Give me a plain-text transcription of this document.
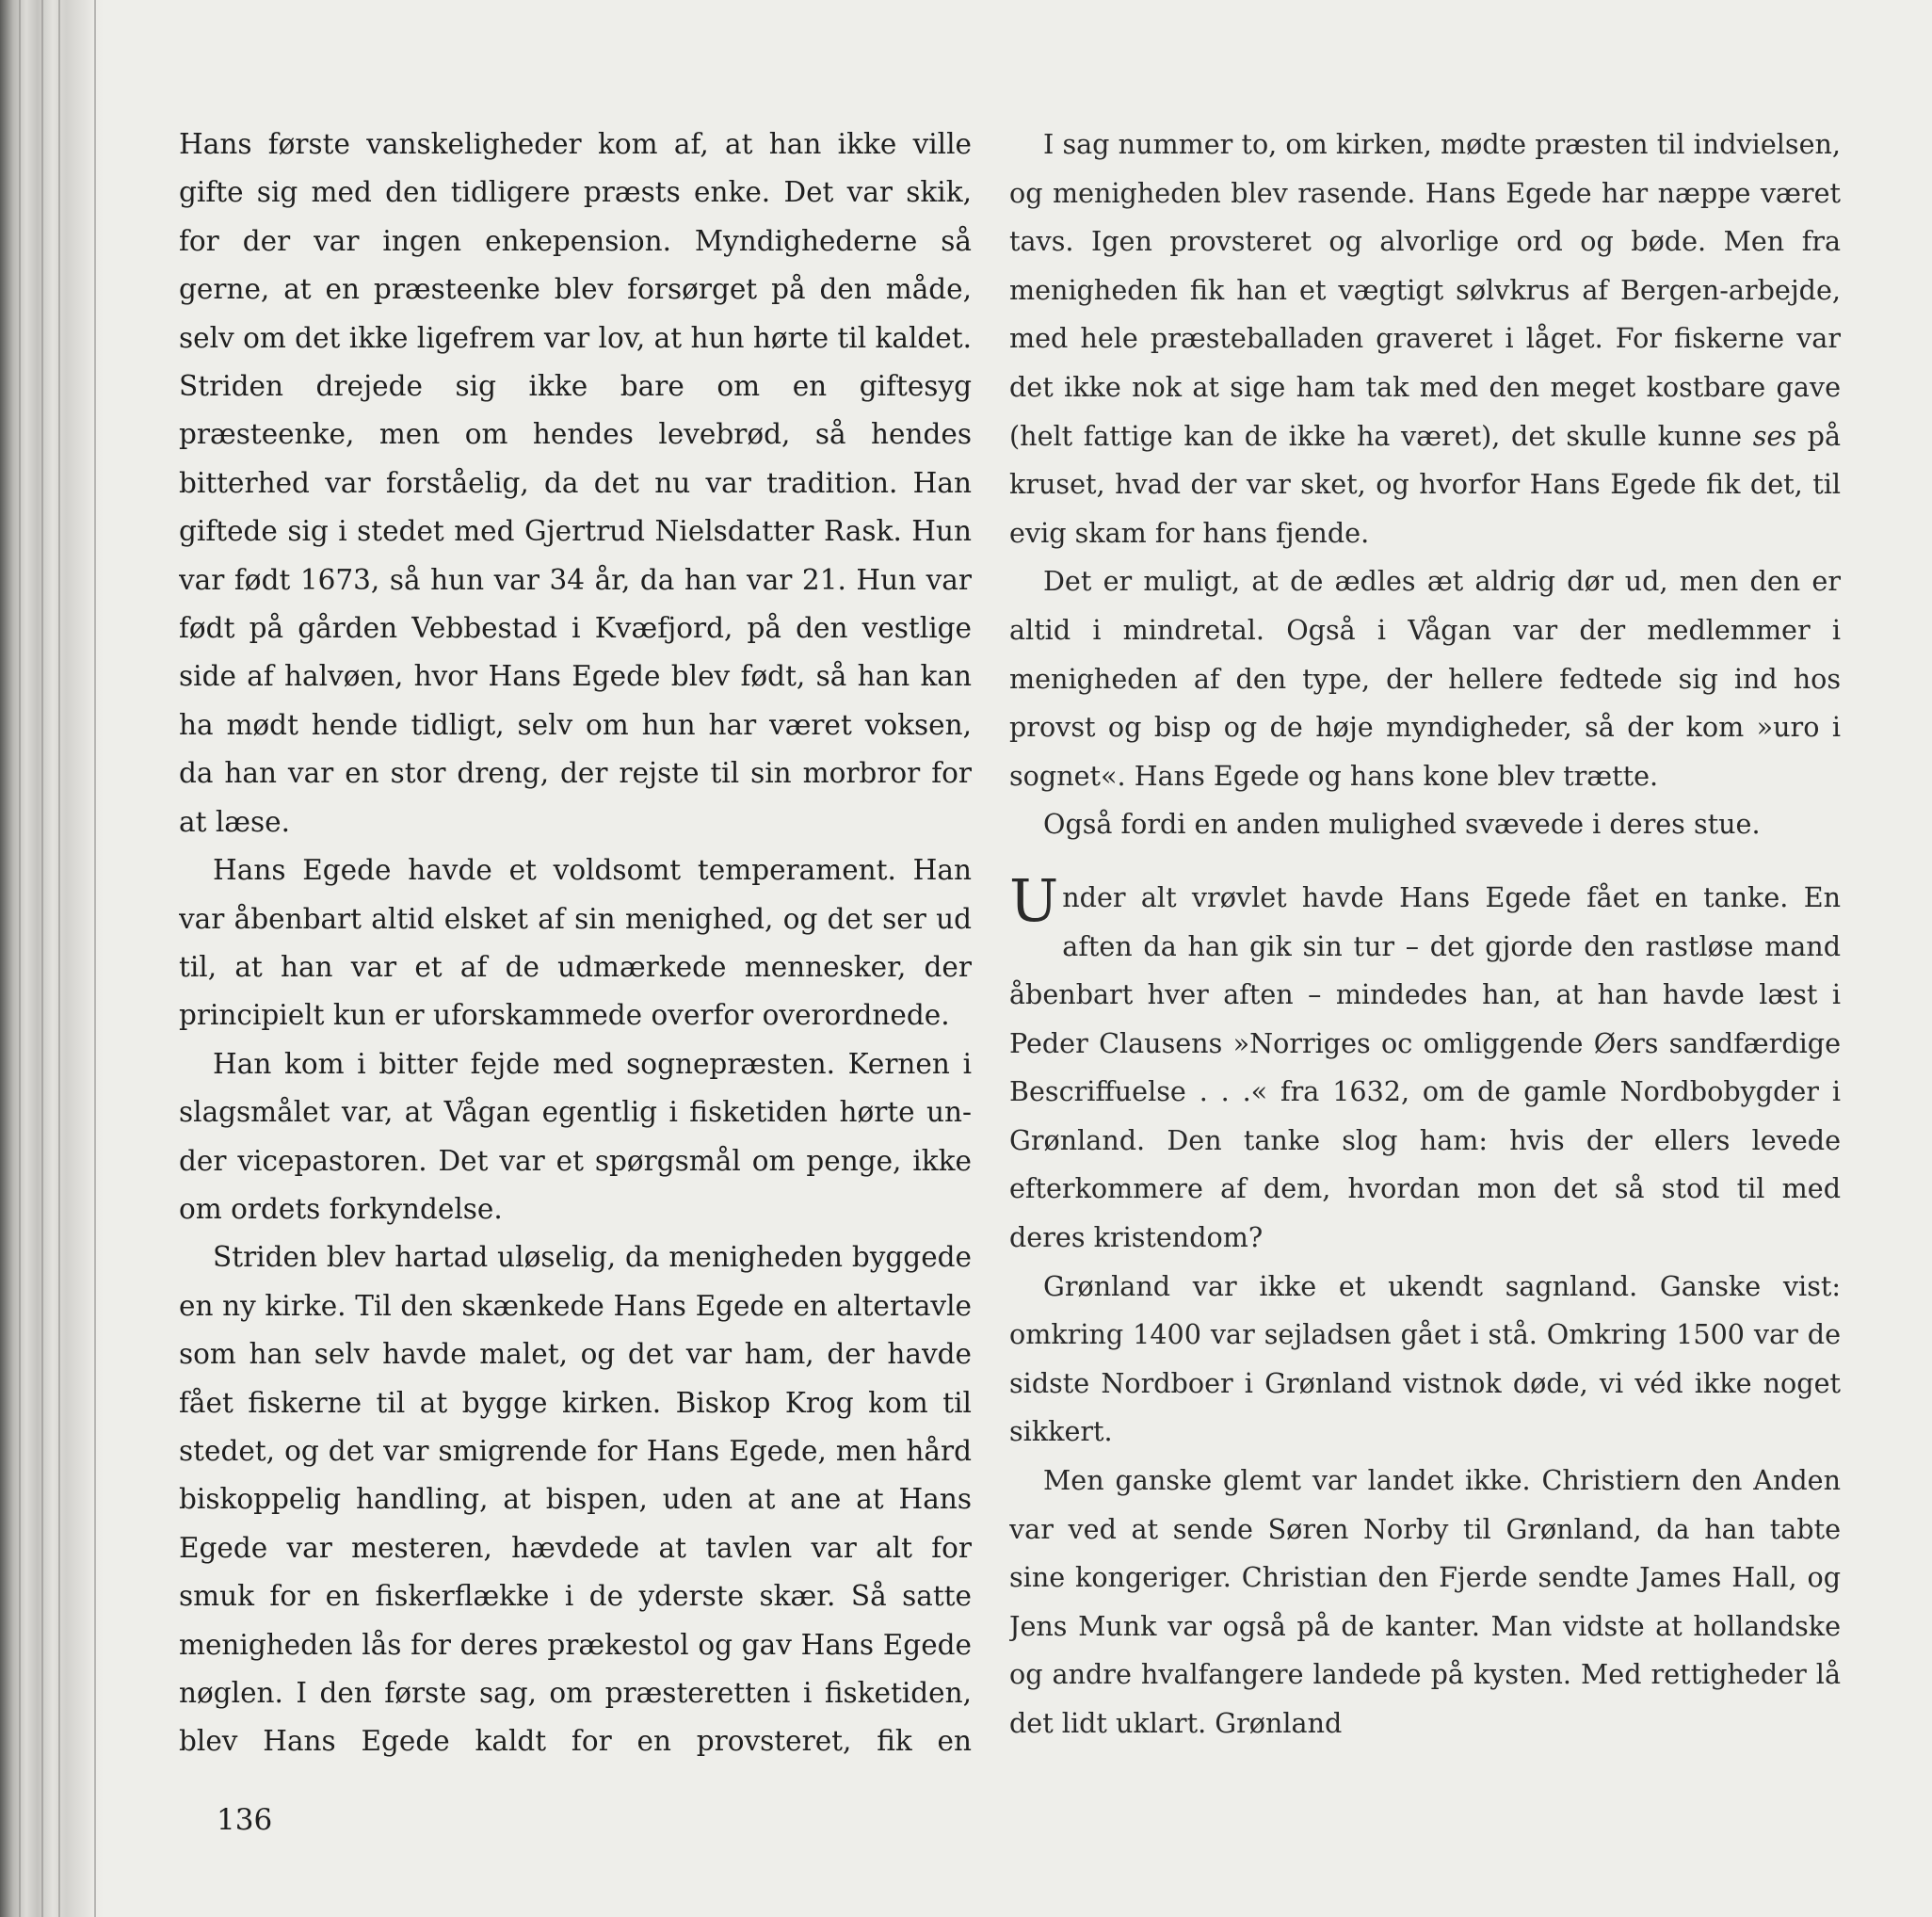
Hans første vanskeligheder kom af, at han ikke ville gifte sig med den tidligere præsts enke. Det var skik, for der var ingen enkepension. Myndighederne så gerne, at en præsteenke blev forsørget på den måde, selv om det ikke ligefrem var lov, at hun hørte til kaldet. Striden drejede sig ikke bare om en giftesyg præsteenke, men om hendes levebrød, så hendes bitterhed var forståelig, da det nu var tradition. Han giftede sig i stedet med Gjertrud Nielsdatter Rask. Hun var født 1673, så hun var 34 år, da han var 21. Hun var født på gården Vebbestad i Kvæfjord, på den vestlige side af halvøen, hvor Hans Egede blev født, så han kan ha mødt hende tidligt, selv om hun har været voksen, da han var en stor dreng, der rejste til sin morbror for at læse.

Hans Egede havde et voldsomt temperament. Han var åbenbart altid elsket af sin menighed, og det ser ud til, at han var et af de udmærkede mennesker, der principielt kun er uforskammede overfor overordnede.

Han kom i bitter fejde med sognepræsten. Kernen i slagsmålet var, at Vågan egentlig i fisketiden hørte under vicepastoren. Det var et spørgsmål om penge, ikke om ordets forkyndelse.

Striden blev hartad uløselig, da menigheden byggede en ny kirke. Til den skænkede Hans Egede en altertavle som han selv havde malet, og det var ham, der havde fået fiskerne til at bygge kirken. Biskop Krog kom til stedet, og det var smigrende for Hans Egede, men hård biskoppelig handling, at bispen, uden at ane at Hans Egede var mesteren, hævdede at tavlen var alt for smuk for en fiskerflække i de yderste skær. Så satte menigheden lås for deres prækestol og gav Hans Egede nøglen. I den første sag, om præsteretten i fisketiden, blev Hans Egede kaldt for en provsteret, fik en

I sag nummer to, om kirken, mødte præsten til indvielsen, og menigheden blev rasende. Hans Egede har næppe været tavs. Igen provsteret og alvorlige ord og bøde. Men fra menigheden fik han et vægtigt sølvkrus af Bergen-arbejde, med hele præsteballaden graveret i låget. For fiskerne var det ikke nok at sige ham tak med den meget kostbare gave (helt fattige kan de ikke ha været), det skulle kunne ses på kruset, hvad der var sket, og hvorfor Hans Egede fik det, til evig skam for hans fjende.

Det er muligt, at de ædles æt aldrig dør ud, men den er altid i mindretal. Også i Vågan var der medlemmer i menigheden af den type, der hellere fedtede sig ind hos provst og bisp og de høje myndigheder, så der kom »uro i sognet«. Hans Egede og hans kone blev trætte.

Også fordi en anden mulighed svævede i deres stue.

Under alt vrøvlet havde Hans Egede fået en tanke. En aften da han gik sin tur – det gjorde den rastløse mand åbenbart hver aften – mindedes han, at han havde læst i Peder Clausens »Norriges oc omliggende Øers sandfærdige Bescriffuelse . . .« fra 1632, om de gamle Nordbobygder i Grønland. Den tanke slog ham: hvis der ellers levede efterkommere af dem, hvordan mon det så stod til med deres kristendom?

Grønland var ikke et ukendt sagnland. Ganske vist: omkring 1400 var sejladsen gået i stå. Omkring 1500 var de sidste Nordboer i Grønland vistnok døde, vi véd ikke noget sikkert.

Men ganske glemt var landet ikke. Christiern den Anden var ved at sende Søren Norby til Grønland, da han tabte sine kongeriger. Christian den Fjerde sendte James Hall, og Jens Munk var også på de kanter. Man vidste at hollandske og andre hvalfangere landede på kysten. Med rettigheder lå det lidt uklart. Grønland

136
